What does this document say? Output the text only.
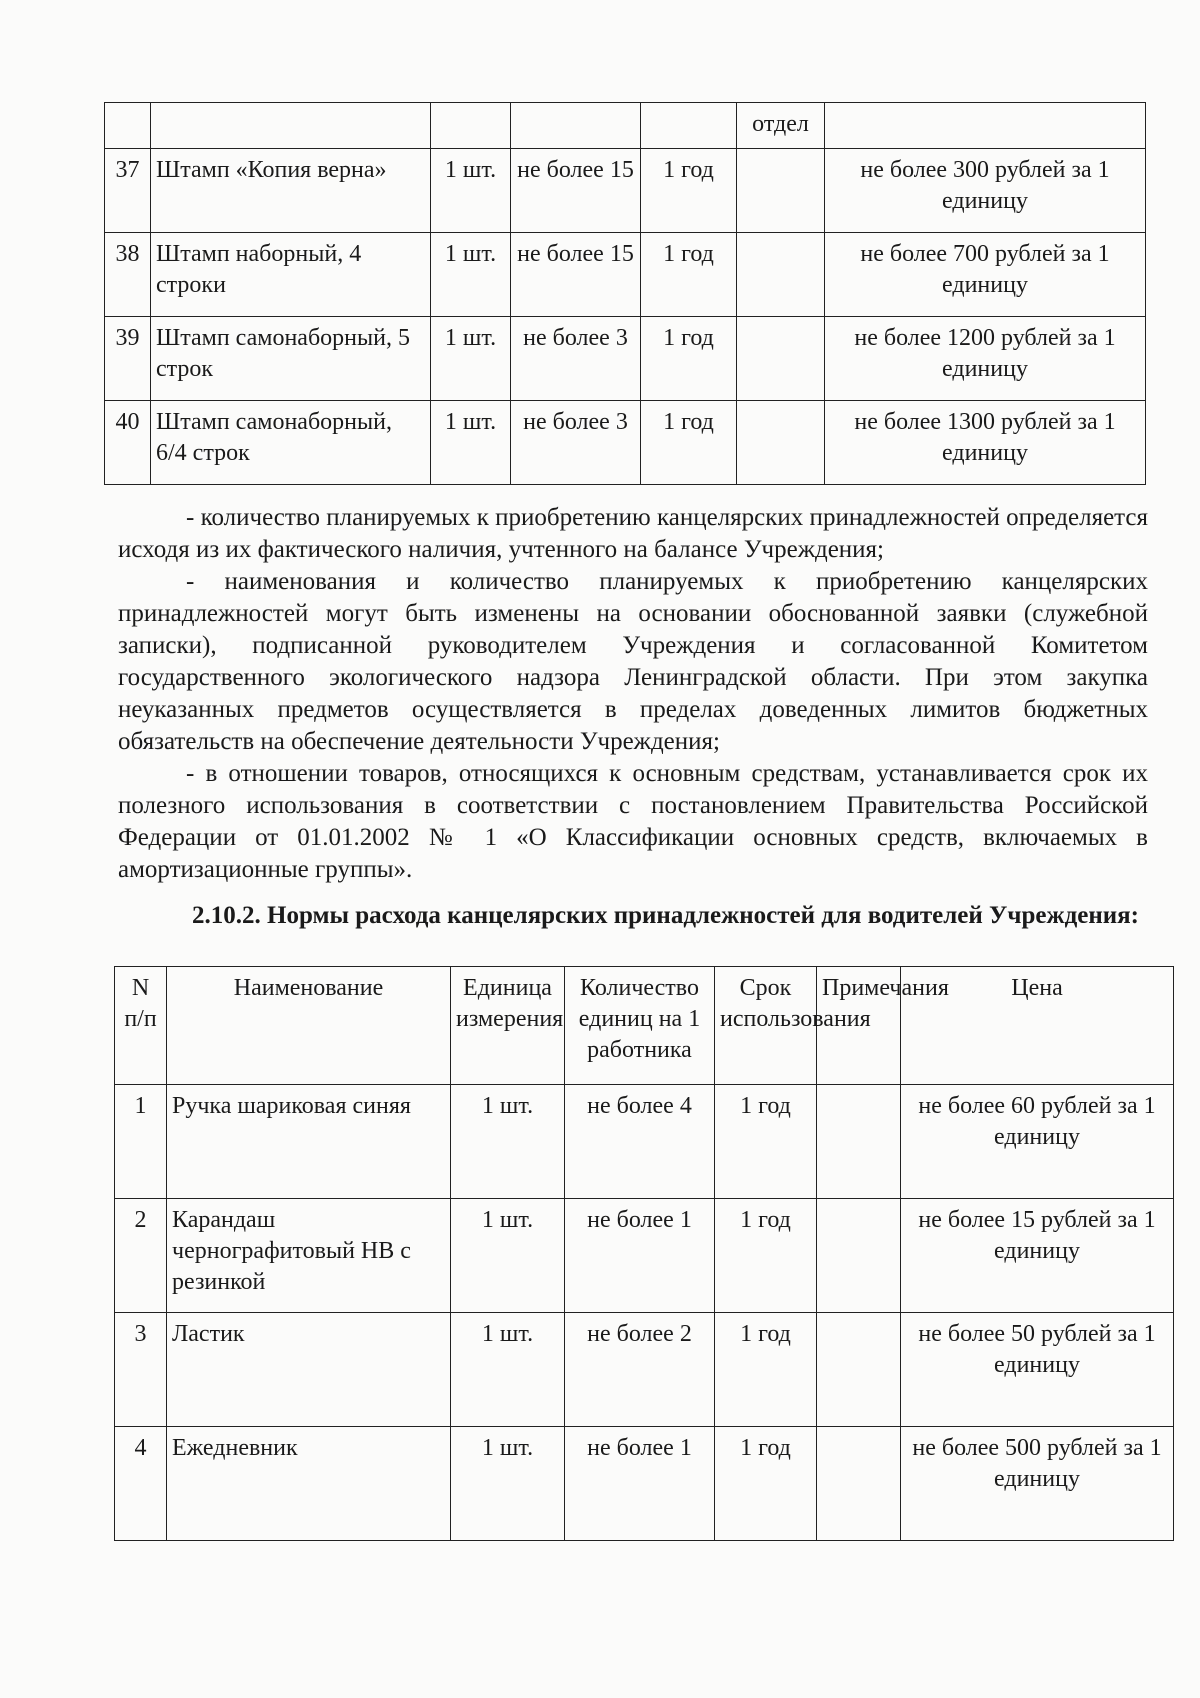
					отдел	
37	Штамп «Копия верна»	1 шт.	не более 15	1 год		не более 300 рублей за 1 единицу
38	Штамп наборный, 4 строки	1 шт.	не более 15	1 год		не более 700 рублей за 1 единицу
39	Штамп самонаборный, 5 строк	1 шт.	не более 3	1 год		не более 1200 рублей за 1 единицу
40	Штамп самонаборный, 6/4 строк	1 шт.	не более 3	1 год		не более 1300 рублей за 1 единицу

- количество планируемых к приобретению канцелярских принадлежностей определяется исходя из их фактического наличия, учтенного на балансе Учреждения;

- наименования и количество планируемых к приобретению канцелярских принадлежностей могут быть изменены на основании обоснованной заявки (служебной записки), подписанной руководителем Учреждения и согласованной Комитетом государственного экологического надзора Ленинградской области. При этом закупка неуказанных предметов осуществляется в пределах доведенных лимитов бюджетных обязательств на обеспечение деятельности Учреждения;

- в отношении товаров, относящихся к основным средствам, устанавливается срок их полезного использования в соответствии с постановлением Правительства Российской Федерации от 01.01.2002 № 1 «О Классификации основных средств, включаемых в амортизационные группы».

2.10.2. Нормы расхода канцелярских принадлежностей для водителей Учреждения:

N п/п	Наименование	Единица измерения	Количество единиц на 1 работника	Срок использования	Примечания	Цена
1	Ручка шариковая синяя	1 шт.	не более 4	1 год		не более 60 рублей за 1 единицу
2	Карандаш чернографитовый НВ с резинкой	1 шт.	не более 1	1 год		не более 15 рублей за 1 единицу
3	Ластик	1 шт.	не более 2	1 год		не более 50 рублей за 1 единицу
4	Ежедневник	1 шт.	не более 1	1 год		не более 500 рублей за 1 единицу
